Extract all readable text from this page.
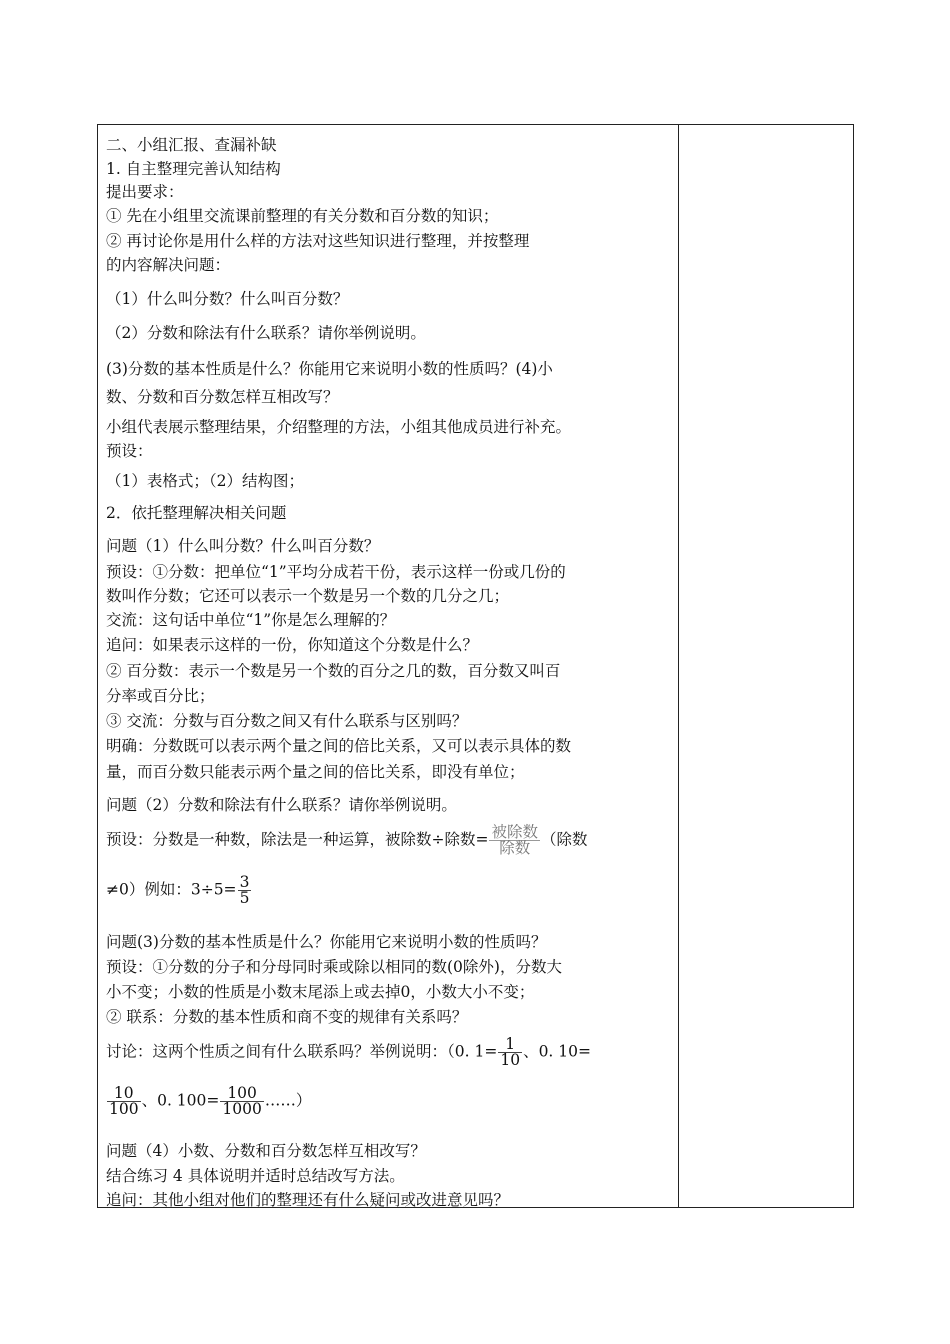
二、小组汇报、查漏补缺
1. 自主整理完善认知结构
提出要求：
① 先在小组里交流课前整理的有关分数和百分数的知识；
② 再讨论你是用什么样的方法对这些知识进行整理，并按整理
的内容解决问题：
（1）什么叫分数？什么叫百分数？
（2）分数和除法有什么联系？请你举例说明。
(3)分数的基本性质是什么？你能用它来说明小数的性质吗？(4)小
数、分数和百分数怎样互相改写？
小组代表展示整理结果，介绍整理的方法，小组其他成员进行补充。
预设：
（1）表格式；（2）结构图；
2．依托整理解决相关问题
问题（1）什么叫分数？什么叫百分数？
预设：①分数：把单位“1”平均分成若干份，表示这样一份或几份的
数叫作分数；它还可以表示一个数是另一个数的几分之几；
交流：这句话中单位“1”你是怎么理解的？
追问：如果表示这样的一份，你知道这个分数是什么？
② 百分数：表示一个数是另一个数的百分之几的数，百分数又叫百
分率或百分比；
③ 交流：分数与百分数之间又有什么联系与区别吗？
明确：分数既可以表示两个量之间的倍比关系，又可以表示具体的数
量，而百分数只能表示两个量之间的倍比关系，即没有单位；
问题（2）分数和除法有什么联系？请你举例说明。
预设：分数是一种数，除法是一种运算，被除数÷除数= $\frac{\text{被除数}}{\text{除数}}$ （除数
≠0）例如：$3\div 5= \frac{3}{5}$
问题(3)分数的基本性质是什么？你能用它来说明小数的性质吗？
预设：①分数的分子和分母同时乘或除以相同的数(0除外)，分数大
小不变；小数的性质是小数末尾添上或去掉0，小数大小不变；
② 联系：分数的基本性质和商不变的规律有关系吗？
讨论：这两个性质之间有什么联系吗？举例说明：（0. $1= \frac{1}{10}$ 、0. 10=
$\frac{10}{100}$ 、0. $100= \frac{100}{1000}$ ……）
问题（4）小数、分数和百分数怎样互相改写？
结合练习 4 具体说明并适时总结改写方法。
追问：其他小组对他们的整理还有什么疑问或改进意见吗？
